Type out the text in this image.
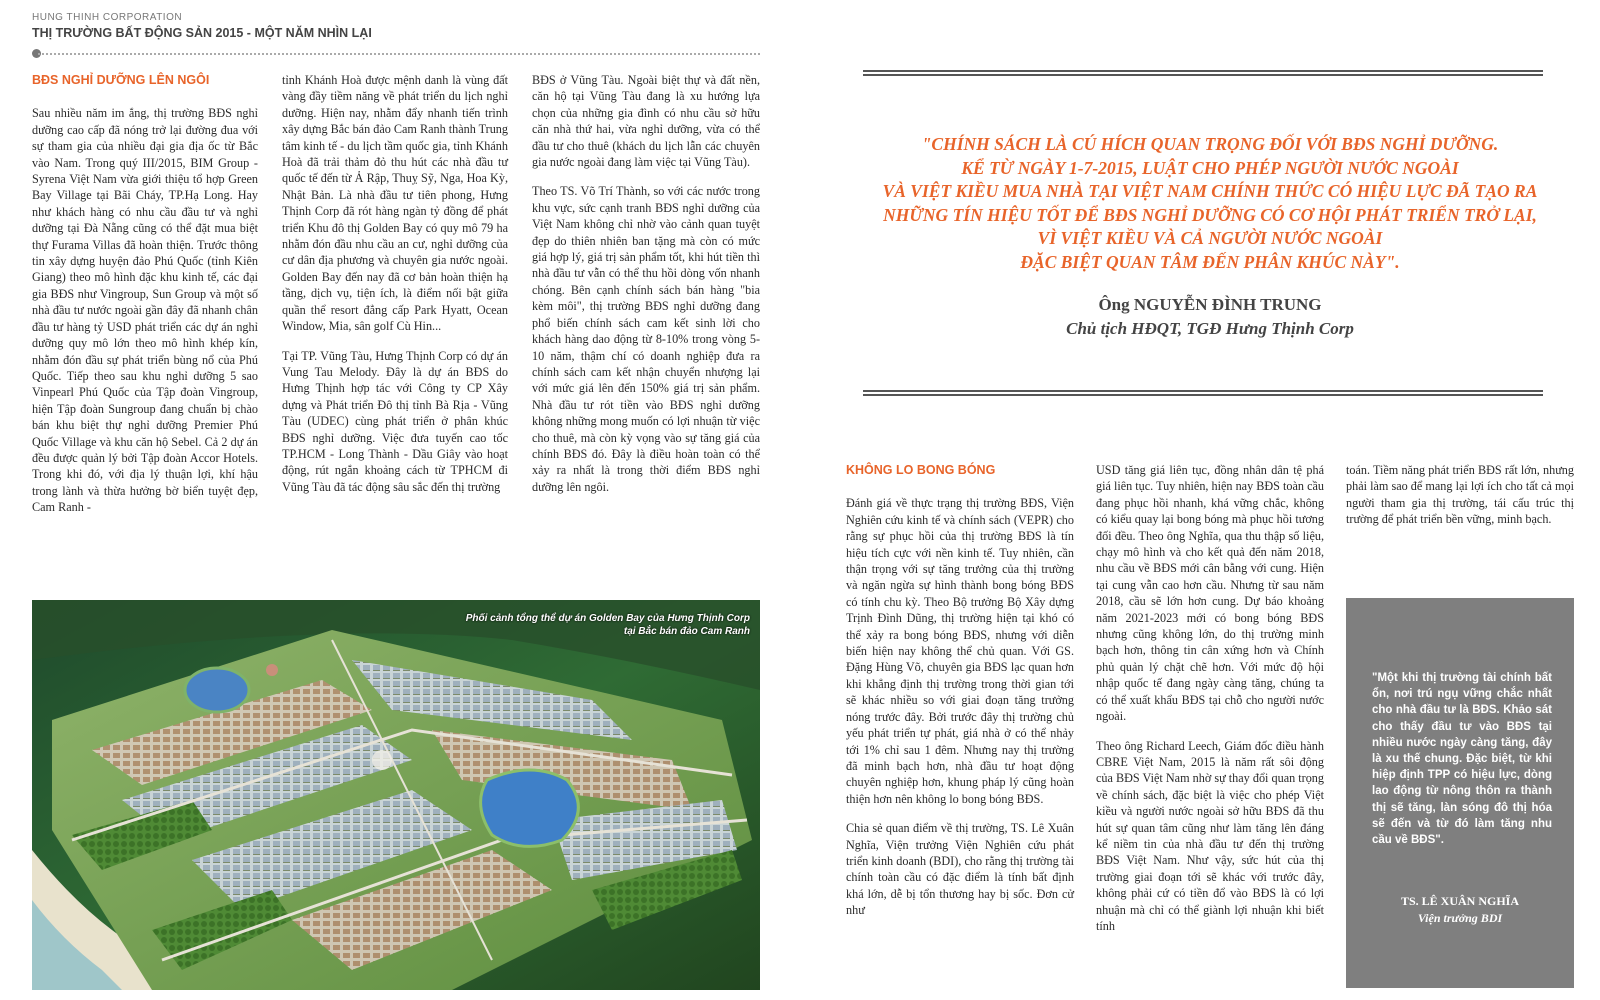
HUNG THINH CORPORATION
THỊ TRƯỜNG BẤT ĐỘNG SẢN 2015 - MỘT NĂM NHÌN LẠI

BĐS NGHỈ DƯỠNG LÊN NGÔI

Sau nhiều năm im ắng, thị trường BĐS nghỉ dưỡng cao cấp đã nóng trở lại đường đua với sự tham gia của nhiều đại gia địa ốc từ Bắc vào Nam. Trong quý III/2015, BIM Group - Syrena Việt Nam vừa giới thiệu tổ hợp Green Bay Village tại Bãi Cháy, TP.Hạ Long. Hay như khách hàng có nhu cầu đầu tư và nghỉ dưỡng tại Đà Nẵng cũng có thể đặt mua biệt thự Furama Villas đã hoàn thiện. Trước thông tin xây dựng huyện đảo Phú Quốc (tỉnh Kiên Giang) theo mô hình đặc khu kinh tế, các đại gia BĐS như Vingroup, Sun Group và một số nhà đầu tư nước ngoài gần đây đã nhanh chân đầu tư hàng tỷ USD phát triển các dự án nghỉ dưỡng quy mô lớn theo mô hình khép kín, nhằm đón đầu sự phát triển bùng nổ của Phú Quốc. Tiếp theo sau khu nghỉ dưỡng 5 sao Vinpearl Phú Quốc của Tập đoàn Vingroup, hiện Tập đoàn Sungroup đang chuẩn bị chào bán khu biệt thự nghỉ dưỡng Premier Phú Quốc Village và khu căn hộ Sebel. Cả 2 dự án đều được quản lý bởi Tập đoàn Accor Hotels. Trong khi đó, với địa lý thuận lợi, khí hậu trong lành và thừa hưởng bờ biển tuyệt đẹp, Cam Ranh -

tỉnh Khánh Hoà được mệnh danh là vùng đất vàng đầy tiềm năng về phát triển du lịch nghỉ dưỡng. Hiện nay, nhằm đẩy nhanh tiến trình xây dựng Bắc bán đảo Cam Ranh thành Trung tâm kinh tế - du lịch tầm quốc gia, tỉnh Khánh Hoà đã trải thảm đỏ thu hút các nhà đầu tư quốc tế đến từ Ả Rập, Thuỵ Sỹ, Nga, Hoa Kỳ, Nhật Bản. Là nhà đầu tư tiên phong, Hưng Thịnh Corp đã rót hàng ngàn tỷ đồng để phát triển Khu đô thị Golden Bay có quy mô 79 ha nhằm đón đầu nhu cầu an cư, nghỉ dưỡng của cư dân địa phương và chuyên gia nước ngoài. Golden Bay đến nay đã cơ bản hoàn thiện hạ tầng, dịch vụ, tiện ích, là điểm nối bật giữa quần thể resort đẳng cấp Park Hyatt, Ocean Window, Mia, sân golf Cù Hin...

Tại TP. Vũng Tàu, Hưng Thịnh Corp có dự án Vung Tau Melody. Đây là dự án BĐS do Hưng Thịnh hợp tác với Công ty CP Xây dựng và Phát triển Đô thị tỉnh Bà Rịa - Vũng Tàu (UDEC) cùng phát triển ở phân khúc BĐS nghỉ dưỡng. Việc đưa tuyến cao tốc TP.HCM - Long Thành - Dầu Giây vào hoạt động, rút ngắn khoảng cách từ TPHCM đi Vũng Tàu đã tác động sâu sắc đến thị trường

BĐS ở Vũng Tàu. Ngoài biệt thự và đất nền, căn hộ tại Vũng Tàu đang là xu hướng lựa chọn của những gia đình có nhu cầu sở hữu căn nhà thứ hai, vừa nghỉ dưỡng, vừa có thể đầu tư cho thuê (khách du lịch lẫn các chuyên gia nước ngoài đang làm việc tại Vũng Tàu).

Theo TS. Võ Trí Thành, so với các nước trong khu vực, sức cạnh tranh BĐS nghỉ dưỡng của Việt Nam không chỉ nhờ vào cảnh quan tuyệt đẹp do thiên nhiên ban tặng mà còn có mức giá hợp lý, giá trị sản phẩm tốt, khi hút tiền thì nhà đầu tư vẫn có thể thu hồi dòng vốn nhanh chóng. Bên cạnh chính sách bán hàng "bia kèm môi", thị trường BĐS nghỉ dưỡng đang phổ biến chính sách cam kết sinh lời cho khách hàng dao động từ 8-10% trong vòng 5-10 năm, thậm chí có doanh nghiệp đưa ra chính sách cam kết nhận chuyển nhượng lại với mức giá lên đến 150% giá trị sản phẩm. Nhà đầu tư rót tiền vào BĐS nghỉ dưỡng không những mong muốn có lợi nhuận từ việc cho thuê, mà còn kỳ vọng vào sự tăng giá của chính BĐS đó. Đây là điều hoàn toàn có thể xảy ra nhất là trong thời điểm BĐS nghỉ dưỡng lên ngôi.

Phối cảnh tổng thể dự án Golden Bay của Hưng Thịnh Corp
tại Bắc bán đảo Cam Ranh
"CHÍNH SÁCH LÀ CÚ HÍCH QUAN TRỌNG ĐỐI VỚI BĐS NGHỈ DƯỠNG.
KỂ TỪ NGÀY 1-7-2015, LUẬT CHO PHÉP NGƯỜI NƯỚC NGOÀI
VÀ VIỆT KIỀU MUA NHÀ TẠI VIỆT NAM CHÍNH THỨC CÓ HIỆU LỰC ĐÃ TẠO RA
NHỮNG TÍN HIỆU TỐT ĐỂ BĐS NGHỈ DƯỠNG CÓ CƠ HỘI PHÁT TRIỂN TRỞ LẠI,
VÌ VIỆT KIỀU VÀ CẢ NGƯỜI NƯỚC NGOÀI
ĐẶC BIỆT QUAN TÂM ĐẾN PHÂN KHÚC NÀY".
Ông NGUYỄN ĐÌNH TRUNG
Chủ tịch HĐQT, TGĐ Hưng Thịnh Corp

KHÔNG LO BONG BÓNG

Đánh giá về thực trạng thị trường BĐS, Viện Nghiên cứu kinh tế và chính sách (VEPR) cho rằng sự phục hồi của thị trường BĐS là tín hiệu tích cực với nền kinh tế. Tuy nhiên, cần thận trọng với sự tăng trưởng của thị trường và ngăn ngừa sự hình thành bong bóng BĐS có tính chu kỳ. Theo Bộ trưởng Bộ Xây dựng Trịnh Đình Dũng, thị trường hiện tại khó có thể xảy ra bong bóng BĐS, nhưng với diễn biến hiện nay không thể chủ quan. Với GS. Đặng Hùng Võ, chuyên gia BĐS lạc quan hơn khi khẳng định thị trường trong thời gian tới sẽ khác nhiều so với giai đoạn tăng trưởng nóng trước đây. Bởi trước đây thị trường chủ yếu phát triển tự phát, giá nhà ở có thể nhảy tới 1% chỉ sau 1 đêm. Nhưng nay thị trường đã minh bạch hơn, nhà đầu tư hoạt động chuyên nghiệp hơn, khung pháp lý cũng hoàn thiện hơn nên không lo bong bóng BĐS.

Chia sẻ quan điểm về thị trường, TS. Lê Xuân Nghĩa, Viện trưởng Viện Nghiên cứu phát triển kinh doanh (BDI), cho rằng thị trường tài chính toàn cầu có đặc điểm là tính bất định khá lớn, dễ bị tổn thương hay bị sốc. Đơn cử như

USD tăng giá liên tục, đồng nhân dân tệ phá giá liên tục. Tuy nhiên, hiện nay BĐS toàn cầu đang phục hồi nhanh, khá vững chắc, không có kiểu quay lại bong bóng mà phục hồi tương đối đều. Theo ông Nghĩa, qua thu thập số liệu, chạy mô hình và cho kết quả đến năm 2018, nhu cầu về BĐS mới cân bằng với cung. Hiện tại cung vẫn cao hơn cầu. Nhưng từ sau năm 2018, cầu sẽ lớn hơn cung. Dự báo khoảng năm 2021-2023 mới có bong bóng BĐS nhưng cũng không lớn, do thị trường minh bạch hơn, thông tin cân xứng hơn và Chính phủ quản lý chặt chẽ hơn. Với mức độ hội nhập quốc tế đang ngày càng tăng, chúng ta có thể xuất khẩu BĐS tại chỗ cho người nước ngoài.

Theo ông Richard Leech, Giám đốc điều hành CBRE Việt Nam, 2015 là năm rất sôi động của BĐS Việt Nam nhờ sự thay đổi quan trọng về chính sách, đặc biệt là việc cho phép Việt kiều và người nước ngoài sở hữu BĐS đã thu hút sự quan tâm cũng như làm tăng lên đáng kể niềm tin của nhà đầu tư đến thị trường BĐS Việt Nam. Như vậy, sức hút của thị trường giai đoạn tới sẽ khác với trước đây, không phải cứ có tiền đổ vào BĐS là có lợi nhuận mà chỉ có thể giành lợi nhuận khi biết tính

toán. Tiềm năng phát triển BĐS rất lớn, nhưng phải làm sao để mang lại lợi ích cho tất cả mọi người tham gia thị trường, tái cấu trúc thị trường để phát triển bền vững, minh bạch.

"Một khi thị trường tài chính bất ổn, nơi trú ngụ vững chắc nhất cho nhà đầu tư là BĐS. Khảo sát cho thấy đầu tư vào BĐS tại nhiều nước ngày càng tăng, đây là xu thế chung. Đặc biệt, từ khi hiệp định TPP có hiệu lực, dòng lao động từ nông thôn ra thành thị sẽ tăng, làn sóng đô thị hóa sẽ đến và từ đó làm tăng nhu cầu về BĐS".
TS. LÊ XUÂN NGHĨA
Viện trưởng BDI
